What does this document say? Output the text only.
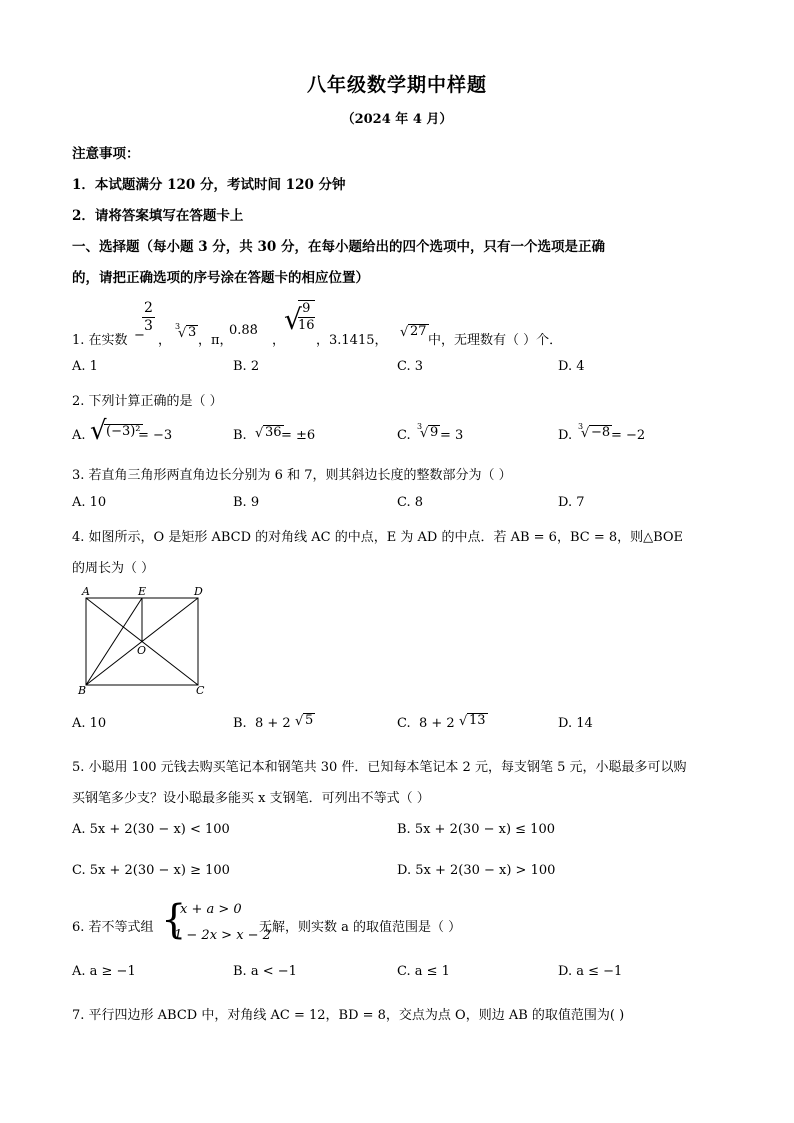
八年级数学期中样题
（2024 年 4 月）
注意事项：
1．本试题满分 120 分，考试时间 120 分钟
2．请将答案填写在答题卡上
一、选择题（每小题 3 分，共 30 分，在每小题给出的四个选项中，只有一个选项是正确
的，请把正确选项的序号涂在答题卡的相应位置）
1. 在实数 −
$\frac{2}{3}$
，
3
√ 3
，π，
0.88̇
，
√
$\frac{9}{16}$
，3.1415，
√ 27
中，无理数有（ ）个．
A. 1	B. 2	C. 3	D. 4
2. 下列计算正确的是（ ）
A. √ (−3)²
= −3	B. √ 36 = ±6	C.
3
√ 9 = 3	D.
3
√ −8 = −2
3. 若直角三角形两直角边长分别为 6 和 7，则其斜边长度的整数部分为（ ）
A. 10	B. 9	C. 8	D. 7
4. 如图所示，O 是矩形 ABCD 的对角线 AC 的中点，E 为 AD 的中点．若 AB = 6，BC = 8，则△BOE
的周长为（ ）
A	E	D
O
B	C
A. 10	B. 8 + 2 √ 5	C. 8 + 2 √ 13	D. 14
5. 小聪用 100 元钱去购买笔记本和钢笔共 30 件．已知每本笔记本 2 元，每支钢笔 5 元，小聪最多可以购
买钢笔多少支？设小聪最多能买 x 支钢笔．可列出不等式（ ）
A. 5x + 2(30 − x) < 100	B. 5x + 2(30 − x) ≤ 100
C. 5x + 2(30 − x) ≥ 100	D. 5x + 2(30 − x) > 100
6. 若不等式组 {
x + a > 0
1 − 2x > x − 2
无解，则实数 a 的取值范围是（ ）
A. a ≥ −1	B. a < −1	C. a ≤ 1	D. a ≤ −1
7. 平行四边形 ABCD 中，对角线 AC = 12，BD = 8，交点为点 O，则边 AB 的取值范围为( )
